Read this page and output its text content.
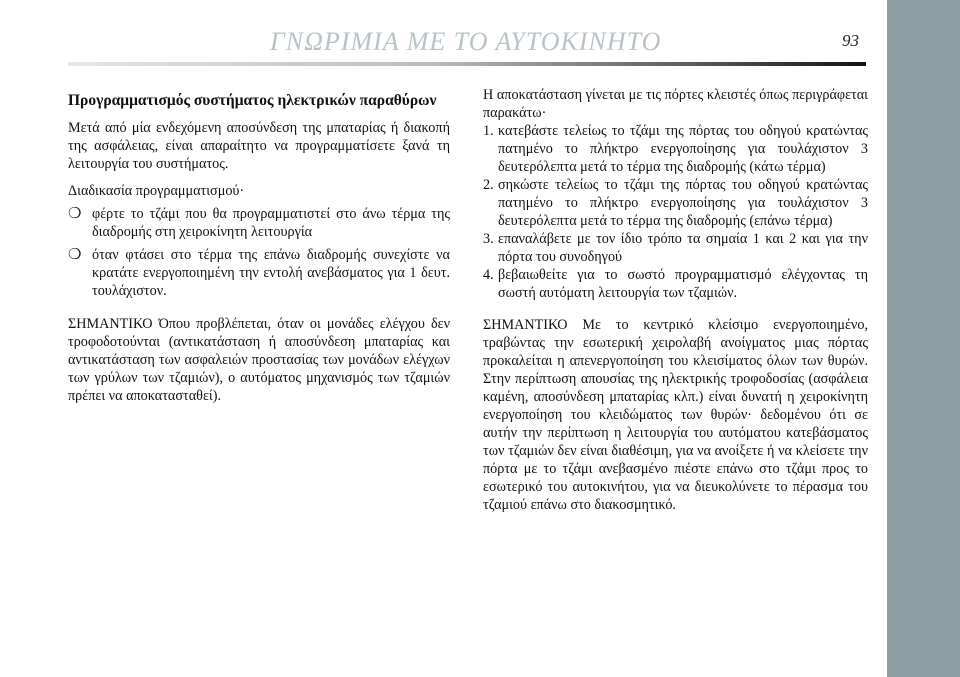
ΓΝΩΡΙΜΙΑ ΜΕ ΤΟ ΑΥΤΟΚΙΝΗΤΟ	93

Προγραμματισμός συστήματος ηλεκτρικών παραθύρων

Μετά από μία ενδεχόμενη αποσύνδεση της μπαταρίας ή διακοπή της ασφάλειας, είναι απαραίτητο να προγραμματίσετε ξανά τη λειτουργία του συστήματος.

Διαδικασία προγραμματισμού·

❍ φέρτε το τζάμι που θα προγραμματιστεί στο άνω τέρμα της διαδρομής στη χειροκίνητη λειτουργία
❍ όταν φτάσει στο τέρμα της επάνω διαδρομής συνεχίστε να κρατάτε ενεργοποιημένη την εντολή ανεβάσματος για 1 δευτ. τουλάχιστον.

ΣΗΜΑΝΤΙΚΟ Όπου προβλέπεται, όταν οι μονάδες ελέγχου δεν τροφοδοτούνται (αντικατάσταση ή αποσύνδεση μπαταρίας και αντικατάσταση των ασφαλειών προστασίας των μονάδων ελέγχων των γρύλων των τζαμιών), ο αυτόματος μηχανισμός των τζαμιών πρέπει να αποκατασταθεί).

Η αποκατάσταση γίνεται με τις πόρτες κλειστές όπως περιγράφεται παρακάτω·

1. κατεβάστε τελείως το τζάμι της πόρτας του οδηγού κρατώντας πατημένο το πλήκτρο ενεργοποίησης για τουλάχιστον 3 δευτερόλεπτα μετά το τέρμα της διαδρομής (κάτω τέρμα)
2. σηκώστε τελείως το τζάμι της πόρτας του οδηγού κρατώντας πατημένο το πλήκτρο ενεργοποίησης για τουλάχιστον 3 δευτερόλεπτα μετά το τέρμα της διαδρομής (επάνω τέρμα)
3. επαναλάβετε με τον ίδιο τρόπο τα σημαία 1 και 2 και για την πόρτα του συνοδηγού
4. βεβαιωθείτε για το σωστό προγραμματισμό ελέγχοντας τη σωστή αυτόματη λειτουργία των τζαμιών.

ΣΗΜΑΝΤΙΚΟ Με το κεντρικό κλείσιμο ενεργοποιημένο, τραβώντας την εσωτερική χειρολαβή ανοίγματος μιας πόρτας προκαλείται η απενεργοποίηση του κλεισίματος όλων των θυρών. Στην περίπτωση απουσίας της ηλεκτρικής τροφοδοσίας (ασφάλεια καμένη, αποσύνδεση μπαταρίας κλπ.) είναι δυνατή η χειροκίνητη ενεργοποίηση του κλειδώματος των θυρών· δεδομένου ότι σε αυτήν την περίπτωση η λειτουργία του αυτόματου κατεβάσματος των τζαμιών δεν είναι διαθέσιμη, για να ανοίξετε ή να κλείσετε την πόρτα με το τζάμι ανεβασμένο πιέστε επάνω στο τζάμι προς το εσωτερικό του αυτοκινήτου, για να διευκολύνετε το πέρασμα του τζαμιού επάνω στο διακοσμητικό.
